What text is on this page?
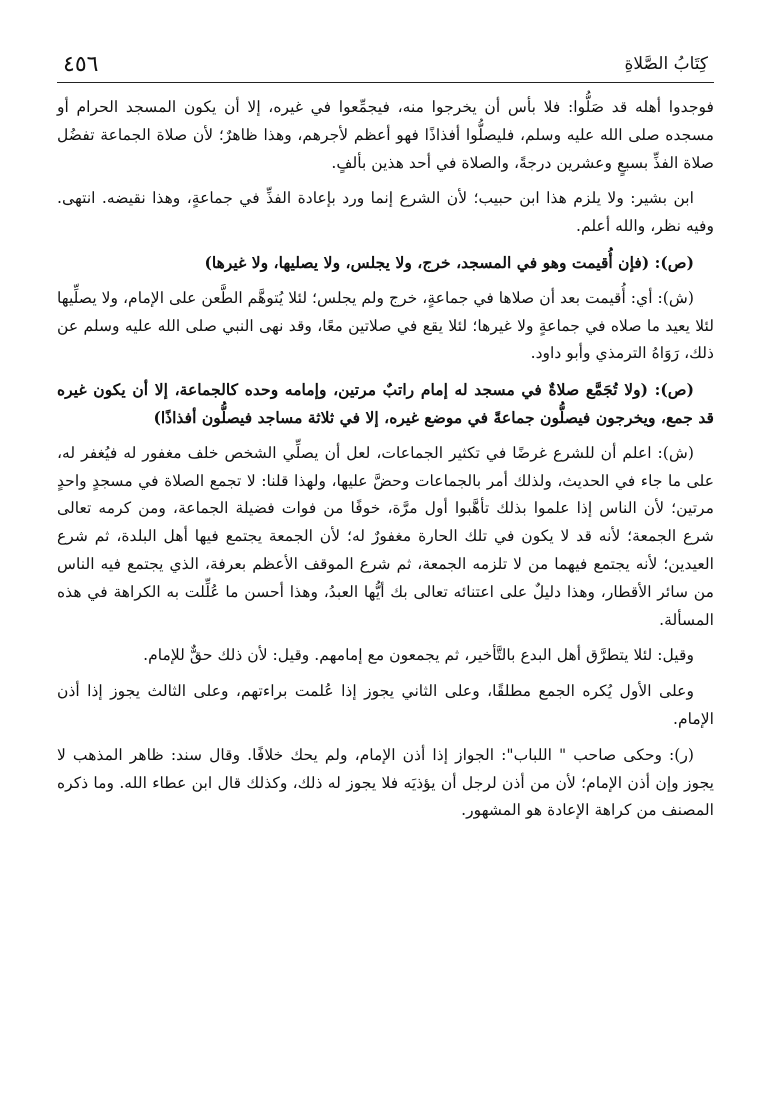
٤٥٦	كِتَابُ الصَّلاةِ

فوجدوا أهله قد صَلُّوا: فلا بأس أن يخرجوا منه، فيجمِّعوا في غيره، إلا أن يكون المسجد الحرام أو مسجده صلى الله عليه وسلم، فليصلُّوا أفذاذًا فهو أعظم لأجرهم، وهذا ظاهرٌ؛ لأن صلاة الجماعة تفضُل صلاة الفذِّ بسبعٍ وعشرين درجةً، والصلاة في أحد هذين بألفٍ.

ابن بشير: ولا يلزم هذا ابن حبيب؛ لأن الشرع إنما ورد بإعادة الفذِّ في جماعةٍ، وهذا نقيضه. انتهى. وفيه نظر، والله أعلم.

(ص): (فإن أُقيمت وهو في المسجد، خرج، ولا يجلس، ولا يصليها، ولا غيرها)

(ش): أي: أُقيمت بعد أن صلاها في جماعةٍ، خرج ولم يجلس؛ لئلا يُتوهَّم الطَّعن على الإمام، ولا يصلِّيها لئلا يعيد ما صلاه في جماعةٍ ولا غيرها؛ لئلا يقع في صلاتين معًا، وقد نهى النبي صلى الله عليه وسلم عن ذلك، رَوَاهُ الترمذي وأبو داود.

(ص): (ولا تُجَمَّع صلاةٌ في مسجد له إمام راتبٌ مرتين، وإمامه وحده كالجماعة، إلا أن يكون غيره قد جمع، ويخرجون فيصلُّون جماعةً في موضع غيره، إلا في ثلاثة مساجد فيصلُّون أفذاذًا)

(ش): اعلم أن للشرع غرضًا في تكثير الجماعات، لعل أن يصلِّي الشخص خلف مغفور له فيُغفر له، على ما جاء في الحديث، ولذلك أمر بالجماعات وحضَّ عليها، ولهذا قلنا: لا تجمع الصلاة في مسجدٍ واحدٍ مرتين؛ لأن الناس إذا علموا بذلك تأهَّبوا أول مرَّة، خوفًا من فوات فضيلة الجماعة، ومن كرمه تعالى شرع الجمعة؛ لأنه قد لا يكون في تلك الحارة مغفورٌ له؛ لأن الجمعة يجتمع فيها أهل البلدة، ثم شرع العيدين؛ لأنه يجتمع فيهما من لا تلزمه الجمعة، ثم شرع الموقف الأعظم بعرفة، الذي يجتمع فيه الناس من سائر الأقطار، وهذا دليلٌ على اعتنائه تعالى بك أيُّها العبدُ، وهذا أحسن ما عُلِّلت به الكراهة في هذه المسألة.

وقيل: لئلا يتطرَّق أهل البدع بالتَّأخير، ثم يجمعون مع إمامهم. وقيل: لأن ذلك حقٌّ للإمام.

وعلى الأول يُكره الجمع مطلقًا، وعلى الثاني يجوز إذا عُلمت براءتهم، وعلى الثالث يجوز إذا أذن الإمام.

(ر): وحكى صاحب " اللباب": الجواز إذا أذن الإمام، ولم يحك خلافًا. وقال سند: ظاهر المذهب لا يجوز وإن أذن الإمام؛ لأن من أذن لرجل أن يؤذيَه فلا يجوز له ذلك، وكذلك قال ابن عطاء الله. وما ذكره المصنف من كراهة الإعادة هو المشهور.
